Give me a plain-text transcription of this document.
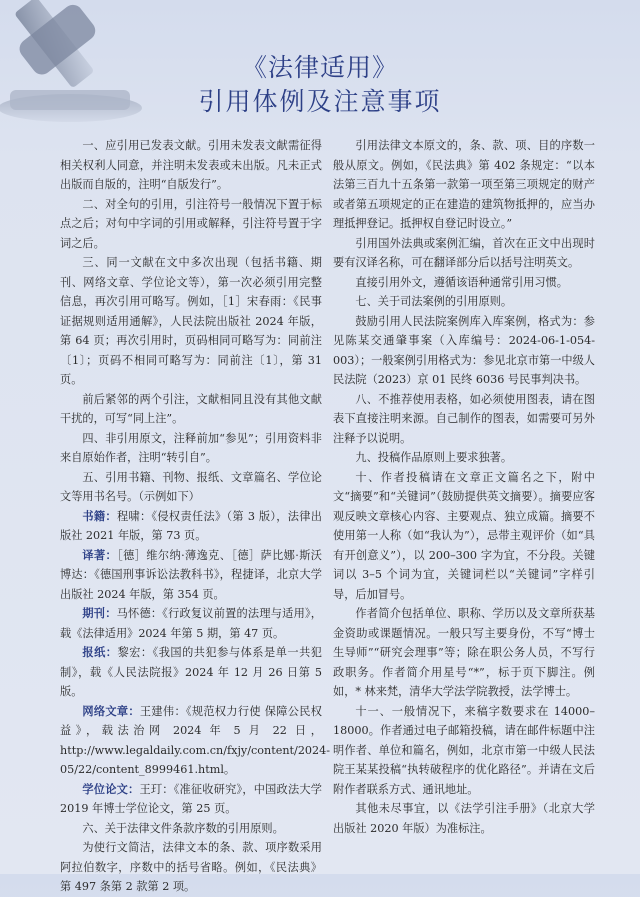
《法律适用》
引用体例及注意事项
一、应引用已发表文献。引用未发表文献需征得相关权利人同意，并注明未发表或未出版。凡未正式出版而自版的，注明“自版发行”。
二、对全句的引用，引注符号一般情况下置于标点之后；对句中字词的引用或解释，引注符号置于字词之后。
三、同一文献在文中多次出现（包括书籍、期刊、网络文章、学位论文等），第一次必须引用完整信息，再次引用可略写。例如，［1］宋春雨：《民事证据规则适用通解》，人民法院出版社 2024 年版，第 64 页；再次引用时，页码相同可略写为：同前注〔1〕；页码不相同可略写为：同前注〔1〕，第 31 页。
前后紧邻的两个引注，文献相同且没有其他文献干扰的，可写“同上注”。
四、非引用原文，注释前加“参见”；引用资料非来自原始作者，注明“转引自”。
五、引用书籍、刊物、报纸、文章篇名、学位论文等用书名号。（示例如下）
书籍：程啸：《侵权责任法》（第 3 版），法律出版社 2021 年版，第 73 页。
译著：［德］维尔纳·薄逸克、［德］萨比娜·斯沃博达：《德国刑事诉讼法教科书》，程捷译，北京大学出版社 2024 年版，第 354 页。
期刊：马怀德：《行政复议前置的法理与适用》，载《法律适用》2024 年第 5 期，第 47 页。
报纸：黎宏：《我国的共犯参与体系是单一共犯制》，载《人民法院报》2024 年 12 月 26 日第 5 版。
网络文章：王建伟：《规范权力行使 保障公民权益》，载法治网 2024 年 5 月 22 日，http://www.legaldaily.com.cn/fxjy/content/2024-05/22/content_8999461.html。
学位论文：王玎：《准征收研究》，中国政法大学 2019 年博士学位论文，第 25 页。
六、关于法律文件条款序数的引用原则。
为使行文简洁，法律文本的条、款、项序数采用阿拉伯数字，序数中的括号省略。例如，《民法典》第 497 条第 2 款第 2 项。
引用法律文本原文的，条、款、项、目的序数一般从原文。例如，《民法典》第 402 条规定：“以本法第三百九十五条第一款第一项至第三项规定的财产或者第五项规定的正在建造的建筑物抵押的，应当办理抵押登记。抵押权自登记时设立。”
引用国外法典或案例汇编，首次在正文中出现时要有汉译名称，可在翻译部分后以括号注明英文。
直接引用外文，遵循该语种通常引用习惯。
七、关于司法案例的引用原则。
鼓励引用人民法院案例库入库案例，格式为：参见陈某交通肇事案（入库编号：2024-06-1-054-003）；一般案例引用格式为：参见北京市第一中级人民法院（2023）京 01 民终 6036 号民事判决书。
八、不推荐使用表格，如必须使用图表，请在图表下直接注明来源。自己制作的图表，如需要可另外注释予以说明。
九、投稿作品原则上要求独著。
十、作者投稿请在文章正文篇名之下，附中文“摘要”和“关键词”（鼓励提供英文摘要）。摘要应客观反映文章核心内容、主要观点、独立成篇。摘要不使用第一人称（如“我认为”），忌带主观评价（如“具有开创意义”），以 200–300 字为宜，不分段。关键词以 3–5 个词为宜，关键词栏以“关键词”字样引导，后加冒号。
作者简介包括单位、职称、学历以及文章所获基金资助或课题情况。一般只写主要身份，不写“博士生导师”“研究会理事”等；除在职公务人员，不写行政职务。作者简介用星号“*”，标于页下脚注。例如，* 林来梵，清华大学法学院教授，法学博士。
十一、一般情况下，来稿字数要求在 14000–18000。作者通过电子邮箱投稿，请在邮件标题中注明作者、单位和篇名，例如，北京市第一中级人民法院王某某投稿“执转破程序的优化路径”。并请在文后附作者联系方式、通讯地址。
其他未尽事宜，以《法学引注手册》（北京大学出版社 2020 年版）为准标注。
